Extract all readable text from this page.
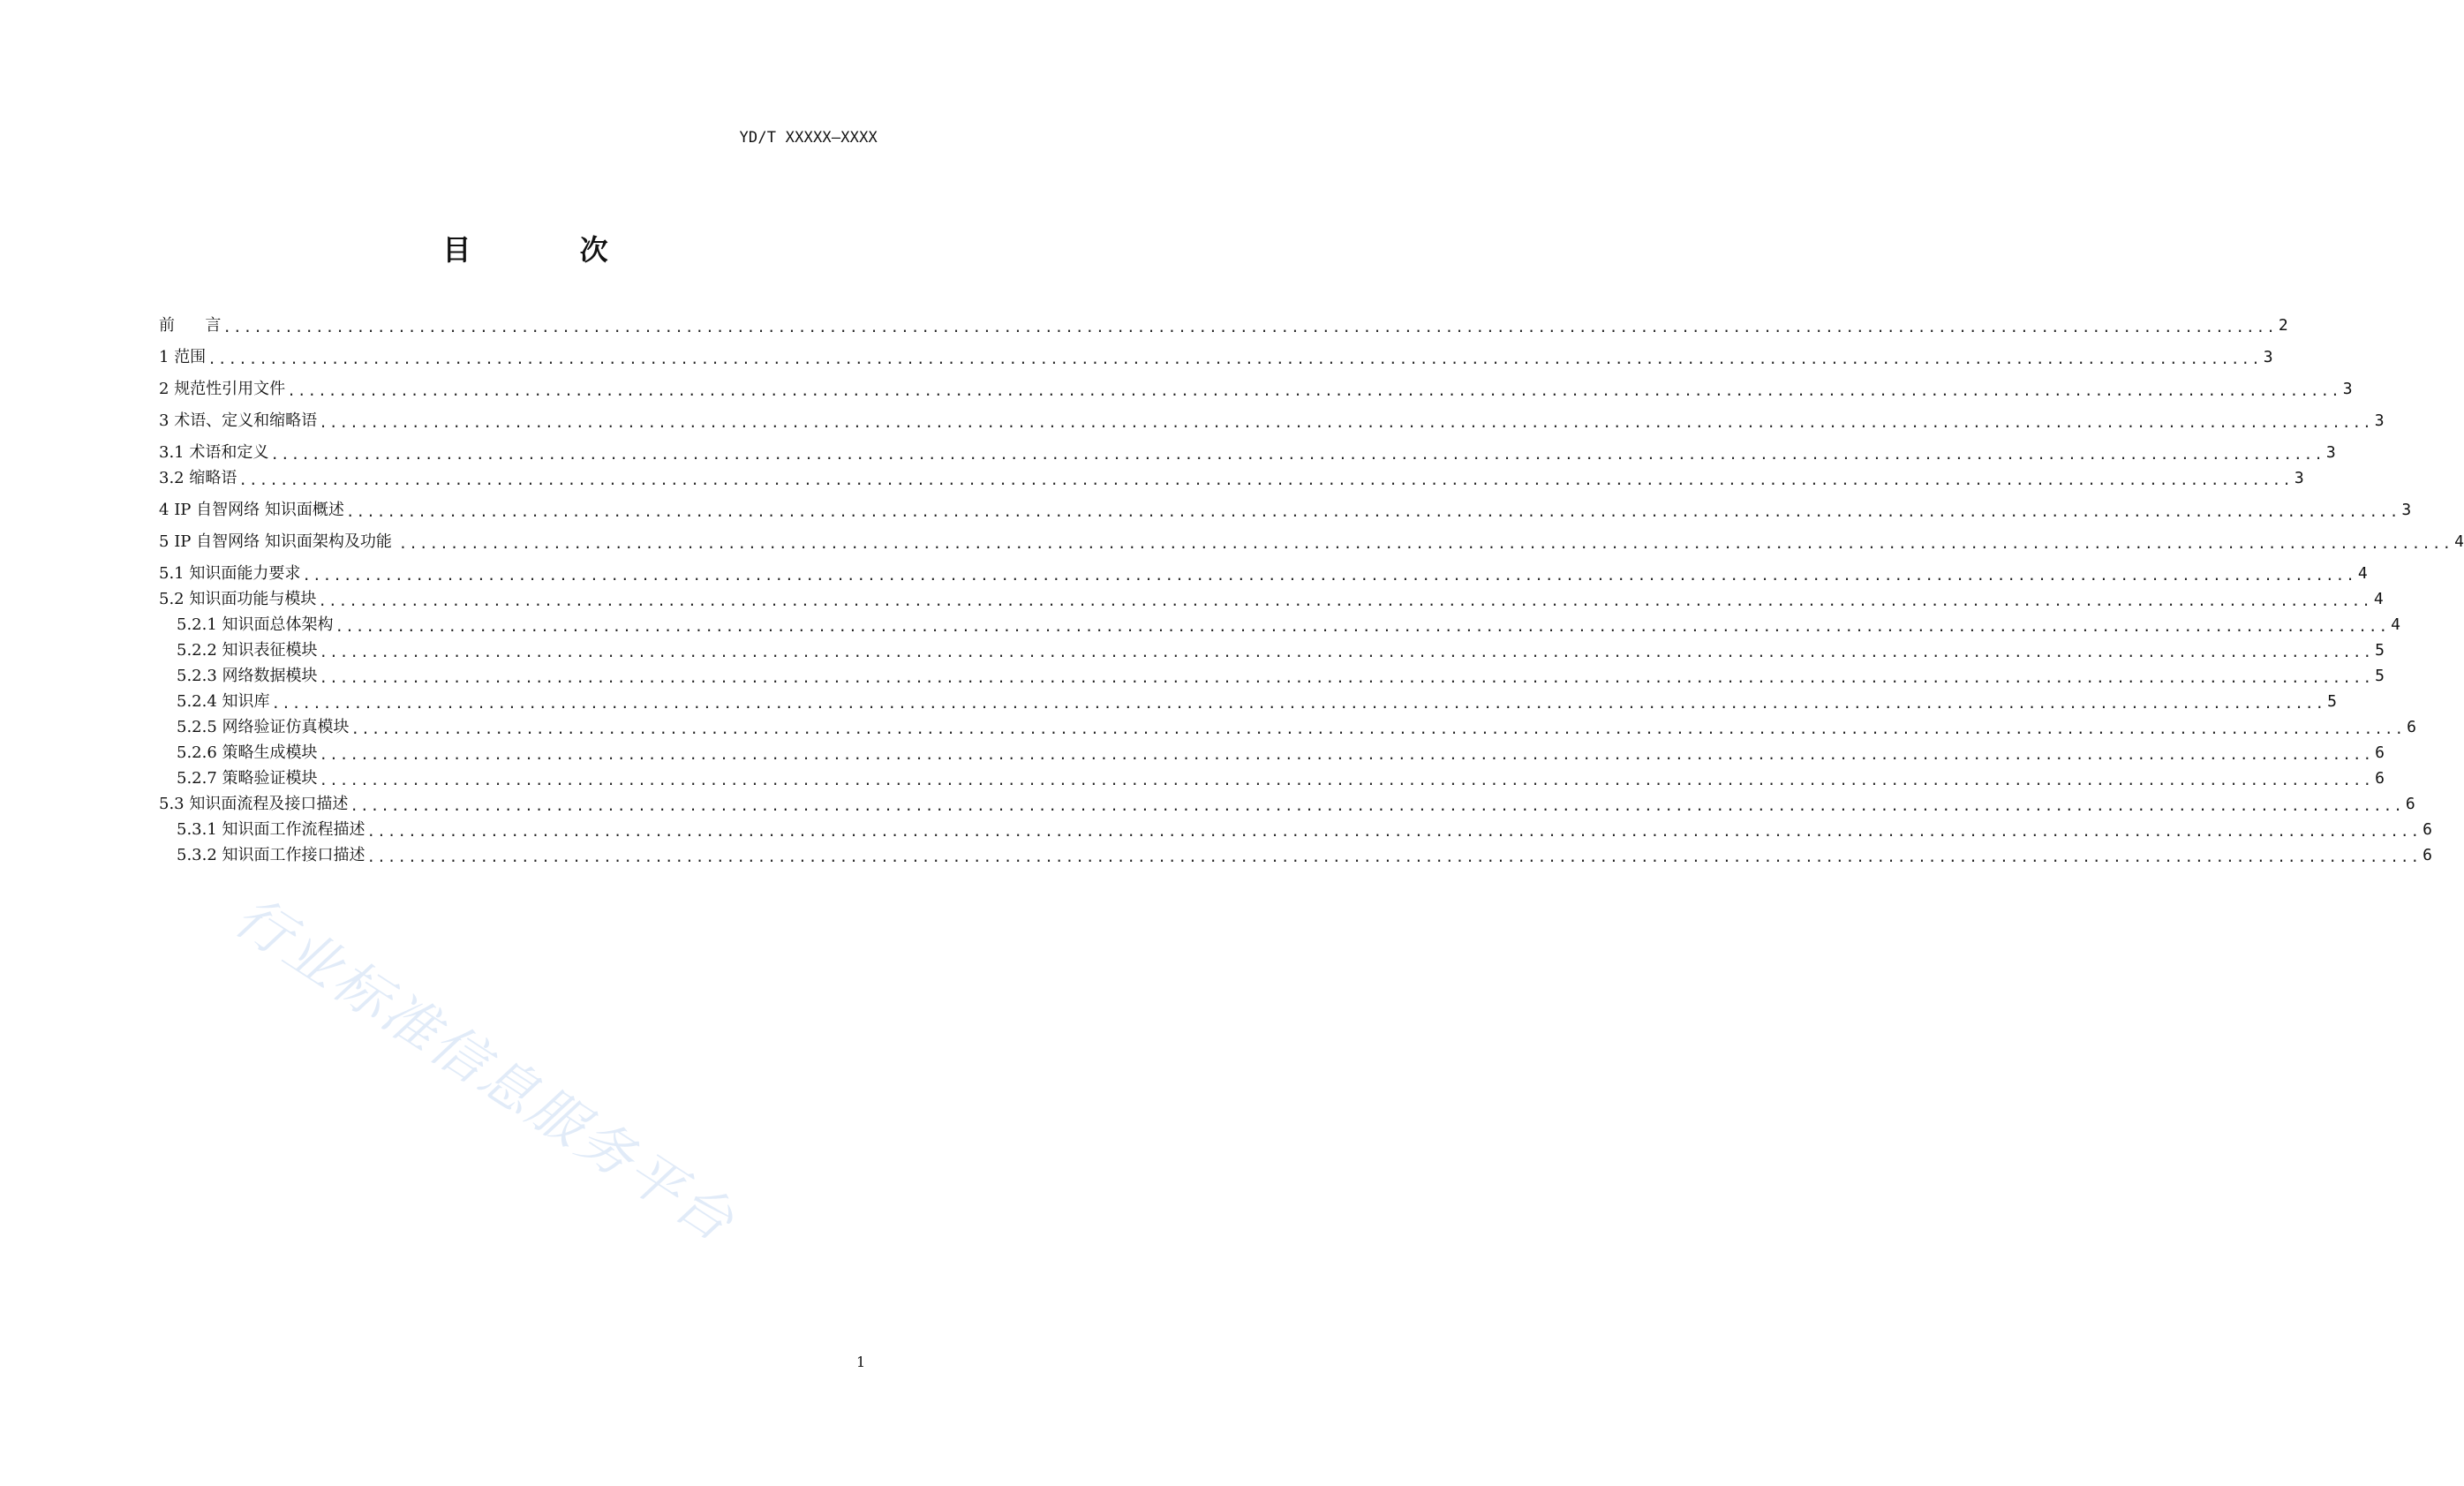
YD/T XXXXX—XXXX
目 次
前      言 ........................................................................................................................................................................................................ 2
1 范围 ........................................................................................................................................................................................................ 3
2 规范性引用文件 ........................................................................................................................................................................................................ 3
3 术语、定义和缩略语 ........................................................................................................................................................................................................ 3
3.1 术语和定义 ........................................................................................................................................................................................................ 3
3.2 缩略语 ........................................................................................................................................................................................................ 3
4 IP 自智网络 知识面概述 ........................................................................................................................................................................................................ 3
5 IP 自智网络 知识面架构及功能 ........................................................................................................................................................................................................ 4
5.1 知识面能力要求 ........................................................................................................................................................................................................ 4
5.2 知识面功能与模块 ........................................................................................................................................................................................................ 4
5.2.1 知识面总体架构 ........................................................................................................................................................................................................ 4
5.2.2 知识表征模块 ........................................................................................................................................................................................................ 5
5.2.3 网络数据模块 ........................................................................................................................................................................................................ 5
5.2.4 知识库 ........................................................................................................................................................................................................ 5
5.2.5 网络验证仿真模块 ........................................................................................................................................................................................................ 6
5.2.6 策略生成模块 ........................................................................................................................................................................................................ 6
5.2.7 策略验证模块 ........................................................................................................................................................................................................ 6
5.3 知识面流程及接口描述 ........................................................................................................................................................................................................ 6
5.3.1 知识面工作流程描述 ........................................................................................................................................................................................................ 6
5.3.2 知识面工作接口描述 ........................................................................................................................................................................................................ 6
行业标准信息服务平台
1
